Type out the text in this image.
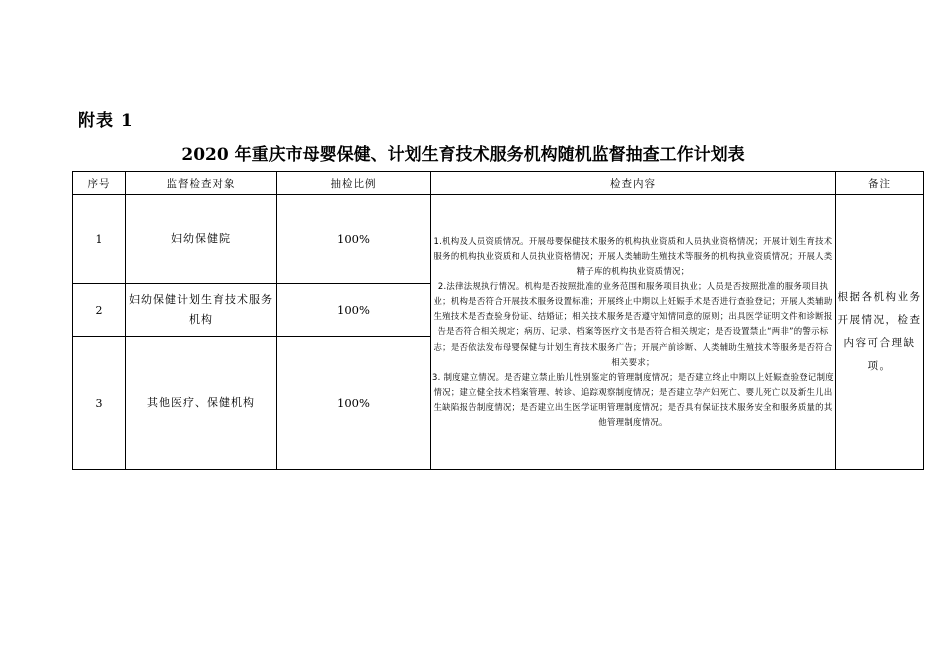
附表 1
2020 年重庆市母婴保健、计划生育技术服务机构随机监督抽查工作计划表
序号	监督检查对象	抽检比例	检查内容	备注
1	妇幼保健院	100%	1.机构及人员资质情况。开展母婴保健技术服务的机构执业资质和人员执业资格情况；开展计划生育技术服务的机构执业资质和人员执业资格情况；开展人类辅助生殖技术等服务的机构执业资质情况；开展人类精子库的机构执业资质情况；

2.法律法规执行情况。机构是否按照批准的业务范围和服务项目执业；人员是否按照批准的服务项目执业；机构是否符合开展技术服务设置标准；开展终止中期以上妊娠手术是否进行查验登记；开展人类辅助生殖技术是否查验身份证、结婚证；相关技术服务是否遵守知情同意的原则；出具医学证明文件和诊断报告是否符合相关规定；病历、记录、档案等医疗文书是否符合相关规定；是否设置禁止“两非”的警示标志；是否依法发布母婴保健与计划生育技术服务广告；开展产前诊断、人类辅助生殖技术等服务是否符合相关要求；

3. 制度建立情况。是否建立禁止胎儿性别鉴定的管理制度情况；是否建立终止中期以上妊娠查验登记制度情况；建立健全技术档案管理、转诊、追踪观察制度情况；是否建立孕产妇死亡、婴儿死亡以及新生儿出生缺陷报告制度情况；是否建立出生医学证明管理制度情况；是否具有保证技术服务安全和服务质量的其他管理制度情况。	根据各机构业务开展情况，检查内容可合理缺项。
2	妇幼保健计划生育技术服务机构	100%		
3	其他医疗、保健机构	100%		
